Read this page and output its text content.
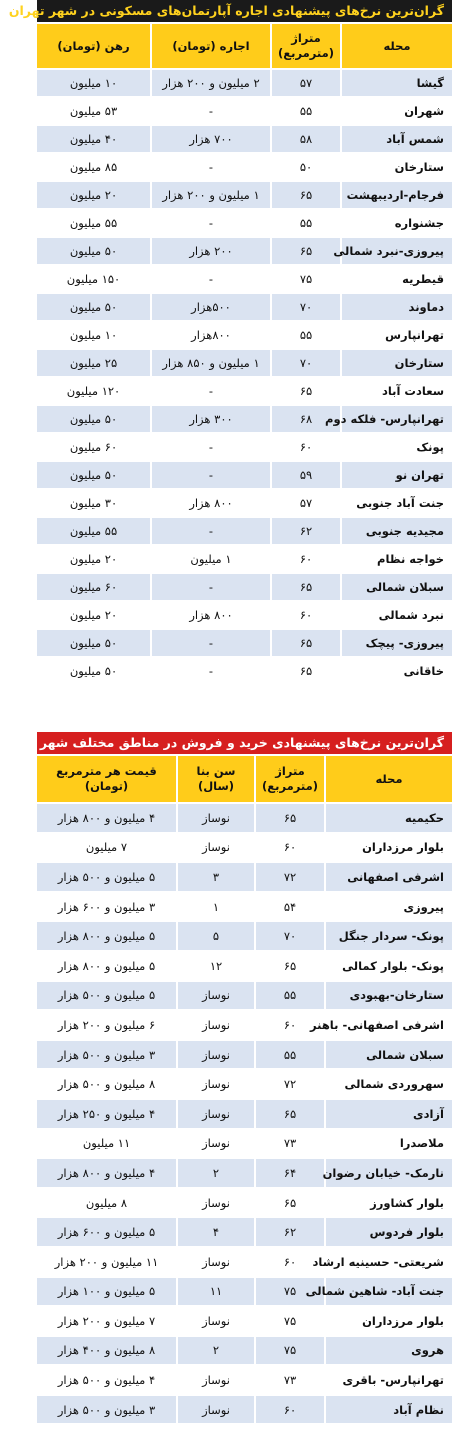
گران‌ترین نرخ‌های پیشنهادی اجاره آپارتمان‌های مسکونی در شهر تهران
محله	متراژ (مترمربع)	اجاره (تومان)	رهن (تومان)
گیشا	۵۷	۲ میلیون و ۲۰۰ هزار	۱۰ میلیون
شهران	۵۵	-	۵۳ میلیون
شمس آباد	۵۸	۷۰۰ هزار	۴۰ میلیون
ستارخان	۵۰	-	۸۵ میلیون
فرجام-اردیبهشت	۶۵	۱ میلیون و ۲۰۰ هزار	۲۰ میلیون
جشنواره	۵۵	-	۵۵ میلیون
پیروزی-نبرد شمالی	۶۵	۲۰۰ هزار	۵۰ میلیون
قیطریه	۷۵	-	۱۵۰ میلیون
دماوند	۷۰	۵۰۰هزار	۵۰ میلیون
تهرانپارس	۵۵	۸۰۰هزار	۱۰ میلیون
ستارخان	۷۰	۱ میلیون و ۸۵۰ هزار	۲۵ میلیون
سعادت آباد	۶۵	-	۱۲۰ میلیون
تهرانپارس- فلکه دوم	۶۸	۳۰۰ هزار	۵۰ میلیون
پونک	۶۰	-	۶۰ میلیون
تهران نو	۵۹	-	۵۰ میلیون
جنت آباد جنوبی	۵۷	۸۰۰ هزار	۳۰ میلیون
مجیدیه جنوبی	۶۲	-	۵۵ میلیون
خواجه نظام	۶۰	۱ میلیون	۲۰ میلیون
سبلان شمالی	۶۵	-	۶۰ میلیون
نبرد شمالی	۶۰	۸۰۰ هزار	۲۰ میلیون
پیروزی- پیچک	۶۵	-	۵۰ میلیون
خاقانی	۶۵	-	۵۰ میلیون
گران‌ترین نرخ‌های پیشنهادی خرید و فروش در مناطق مختلف شهر تهران
محله	متراژ (مترمربع)	سن بنا (سال)	قیمت هر مترمربع (تومان)
حکیمیه	۶۵	نوساز	۴ میلیون و ۸۰۰ هزار
بلوار مرزداران	۶۰	نوساز	۷ میلیون
اشرفی اصفهانی	۷۲	۳	۵ میلیون و ۵۰۰ هزار
پیروزی	۵۴	۱	۳ میلیون و ۶۰۰ هزار
پونک- سردار جنگل	۷۰	۵	۵ میلیون و ۸۰۰ هزار
پونک- بلوار کمالی	۶۵	۱۲	۵ میلیون و ۸۰۰ هزار
ستارخان-بهبودی	۵۵	نوساز	۵ میلیون و ۵۰۰ هزار
اشرفی اصفهانی- باهنر	۶۰	نوساز	۶ میلیون و ۲۰۰ هزار
سبلان شمالی	۵۵	نوساز	۳ میلیون و ۵۰۰ هزار
سهروردی شمالی	۷۲	نوساز	۸ میلیون و ۵۰۰ هزار
آزادی	۶۵	نوساز	۴ میلیون و ۲۵۰ هزار
ملاصدرا	۷۳	نوساز	۱۱ میلیون
نارمک- خیابان رضوان	۶۴	۲	۴ میلیون و ۸۰۰ هزار
بلوار کشاورز	۶۵	نوساز	۸ میلیون
بلوار فردوس	۶۲	۴	۵ میلیون و ۶۰۰ هزار
شریعتی- حسینیه ارشاد	۶۰	نوساز	۱۱ میلیون و ۲۰۰ هزار
جنت آباد- شاهین شمالی	۷۵	۱۱	۵ میلیون و ۱۰۰ هزار
بلوار مرزداران	۷۵	نوساز	۷ میلیون و ۲۰۰ هزار
هروی	۷۵	۲	۸ میلیون و ۴۰۰ هزار
تهرانپارس- باقری	۷۳	نوساز	۴ میلیون و ۵۰۰ هزار
نظام آباد	۶۰	نوساز	۳ میلیون و ۵۰۰ هزار
